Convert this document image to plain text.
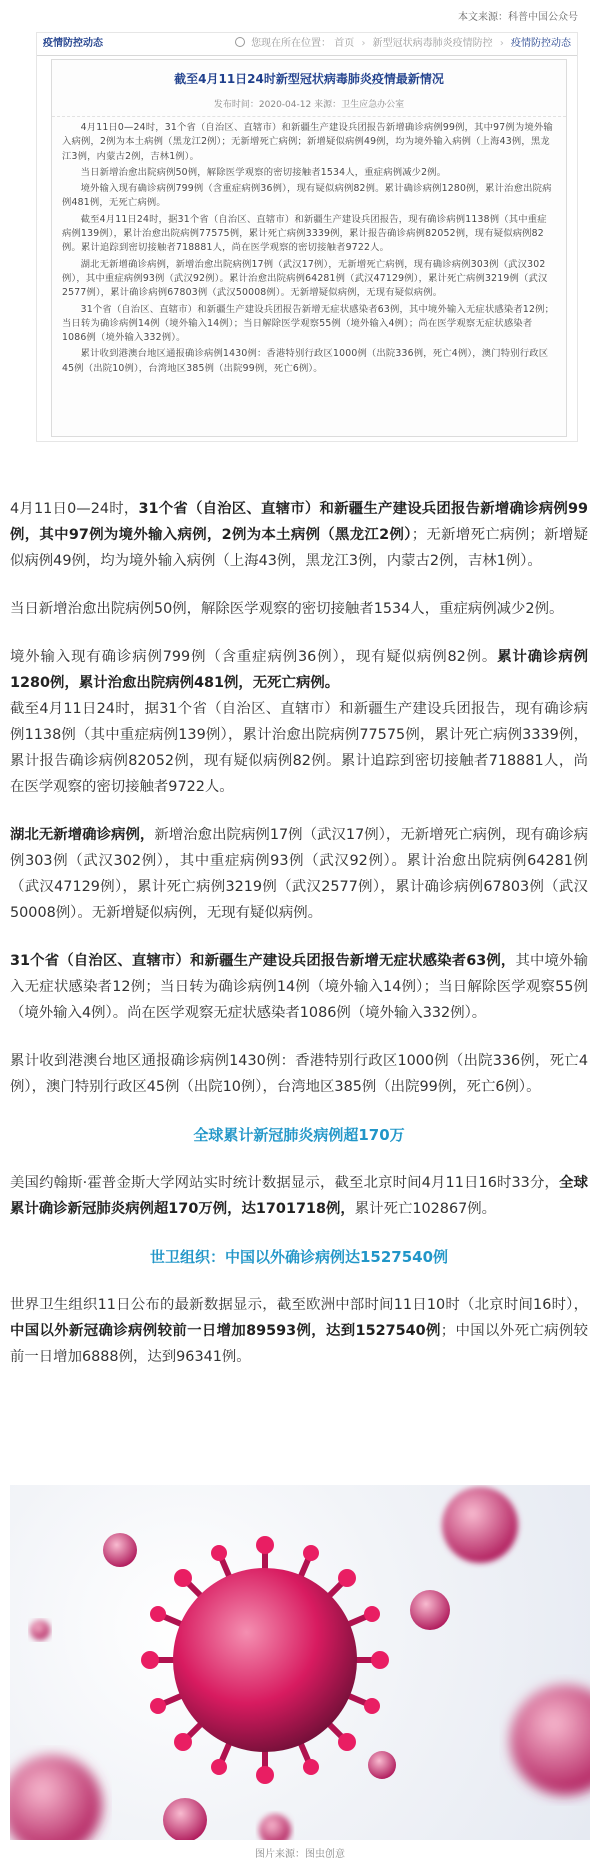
本文来源：科普中国公众号
疫情防控动态	您现在所在位置： 首页 › 新型冠状病毒肺炎疫情防控 › 疫情防控动态
截至4月11日24时新型冠状病毒肺炎疫情最新情况
发布时间：2020-04-12 来源：卫生应急办公室

4月11日0—24时，31个省（自治区、直辖市）和新疆生产建设兵团报告新增确诊病例99例，其中97例为境外输入病例，2例为本土病例（黑龙江2例）；无新增死亡病例；新增疑似病例49例，均为境外输入病例（上海43例，黑龙江3例，内蒙古2例，吉林1例）。

当日新增治愈出院病例50例，解除医学观察的密切接触者1534人，重症病例减少2例。

境外输入现有确诊病例799例（含重症病例36例），现有疑似病例82例。累计确诊病例1280例，累计治愈出院病例481例，无死亡病例。

截至4月11日24时，据31个省（自治区、直辖市）和新疆生产建设兵团报告，现有确诊病例1138例（其中重症病例139例），累计治愈出院病例77575例，累计死亡病例3339例，累计报告确诊病例82052例，现有疑似病例82例。累计追踪到密切接触者718881人，尚在医学观察的密切接触者9722人。

湖北无新增确诊病例，新增治愈出院病例17例（武汉17例），无新增死亡病例，现有确诊病例303例（武汉302例），其中重症病例93例（武汉92例）。累计治愈出院病例64281例（武汉47129例），累计死亡病例3219例（武汉2577例），累计确诊病例67803例（武汉50008例）。无新增疑似病例，无现有疑似病例。

31个省（自治区、直辖市）和新疆生产建设兵团报告新增无症状感染者63例，其中境外输入无症状感染者12例；当日转为确诊病例14例（境外输入14例）；当日解除医学观察55例（境外输入4例）；尚在医学观察无症状感染者1086例（境外输入332例）。

累计收到港澳台地区通报确诊病例1430例：香港特别行政区1000例（出院336例，死亡4例），澳门特别行政区45例（出院10例），台湾地区385例（出院99例，死亡6例）。

4月11日0—24时，31个省（自治区、直辖市）和新疆生产建设兵团报告新增确诊病例99例，其中97例为境外输入病例，2例为本土病例（黑龙江2例）；无新增死亡病例；新增疑似病例49例，均为境外输入病例（上海43例，黑龙江3例，内蒙古2例，吉林1例）。

当日新增治愈出院病例50例，解除医学观察的密切接触者1534人，重症病例减少2例。

境外输入现有确诊病例799例（含重症病例36例），现有疑似病例82例。累计确诊病例1280例，累计治愈出院病例481例，无死亡病例。

截至4月11日24时，据31个省（自治区、直辖市）和新疆生产建设兵团报告，现有确诊病例1138例（其中重症病例139例），累计治愈出院病例77575例，累计死亡病例3339例，累计报告确诊病例82052例，现有疑似病例82例。累计追踪到密切接触者718881人，尚在医学观察的密切接触者9722人。

湖北无新增确诊病例，新增治愈出院病例17例（武汉17例），无新增死亡病例，现有确诊病例303例（武汉302例），其中重症病例93例（武汉92例）。累计治愈出院病例64281例（武汉47129例），累计死亡病例3219例（武汉2577例），累计确诊病例67803例（武汉50008例）。无新增疑似病例，无现有疑似病例。

31个省（自治区、直辖市）和新疆生产建设兵团报告新增无症状感染者63例，其中境外输入无症状感染者12例；当日转为确诊病例14例（境外输入14例）；当日解除医学观察55例（境外输入4例）。尚在医学观察无症状感染者1086例（境外输入332例）。

累计收到港澳台地区通报确诊病例1430例：香港特别行政区1000例（出院336例，死亡4例），澳门特别行政区45例（出院10例），台湾地区385例（出院99例，死亡6例）。

全球累计新冠肺炎病例超170万

美国约翰斯·霍普金斯大学网站实时统计数据显示，截至北京时间4月11日16时33分，全球累计确诊新冠肺炎病例超170万例，达1701718例，累计死亡102867例。

世卫组织：中国以外确诊病例达1527540例

世界卫生组织11日公布的最新数据显示，截至欧洲中部时间11日10时（北京时间16时），中国以外新冠确诊病例较前一日增加89593例，达到1527540例；中国以外死亡病例较前一日增加6888例，达到96341例。

图片来源：图虫创意
